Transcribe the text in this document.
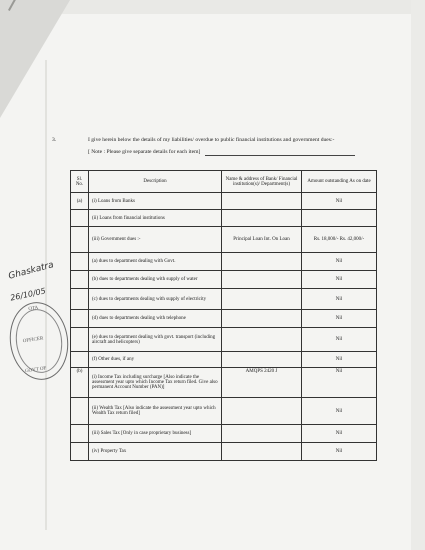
3.	I give herein below the details of my liabilities/ overdue to public financial institutions and government dues:-
[ Note : Please give separate details for each item]
Sl. No.	Description	Name & address of Bank/ Financial institution(s)/ Department(s)	Amount outstanding As on date
(a)	(i) Loans from Banks		Nil
	(ii) Loans from financial institutions		
	(iii) Government dues :-	Principal Loan Int. On Loan	Rs. 18,000/- Rs. 42,000/-
	(a) dues to department dealing with Govt.		Nil
	(b) dues to departments dealing with supply of water		Nil
	(c) dues to departments dealing with supply of electricity		Nil
	(d) dues to departments dealing with telephone		Nil
	(e) dues to department dealing with govt. transport (including aircraft and helicopters)		Nil
	(f) Other dues, if any		Nil
(b)	(i) Income Tax including surcharge [Also indicate the assessment year upto which Income Tax return filed. Give also permanent Account Number (PAN)]	AMQPS 2420 J	Nil
	(ii) Wealth Tax [Also indicate the assessment year upto which Wealth Tax return filed]		Nil
	(iii) Sales Tax [Only in case proprietary business]		Nil
	(iv) Property Tax		Nil
Ghaskatra
26/10/05
OTA
OFFICER
GOVT OF
